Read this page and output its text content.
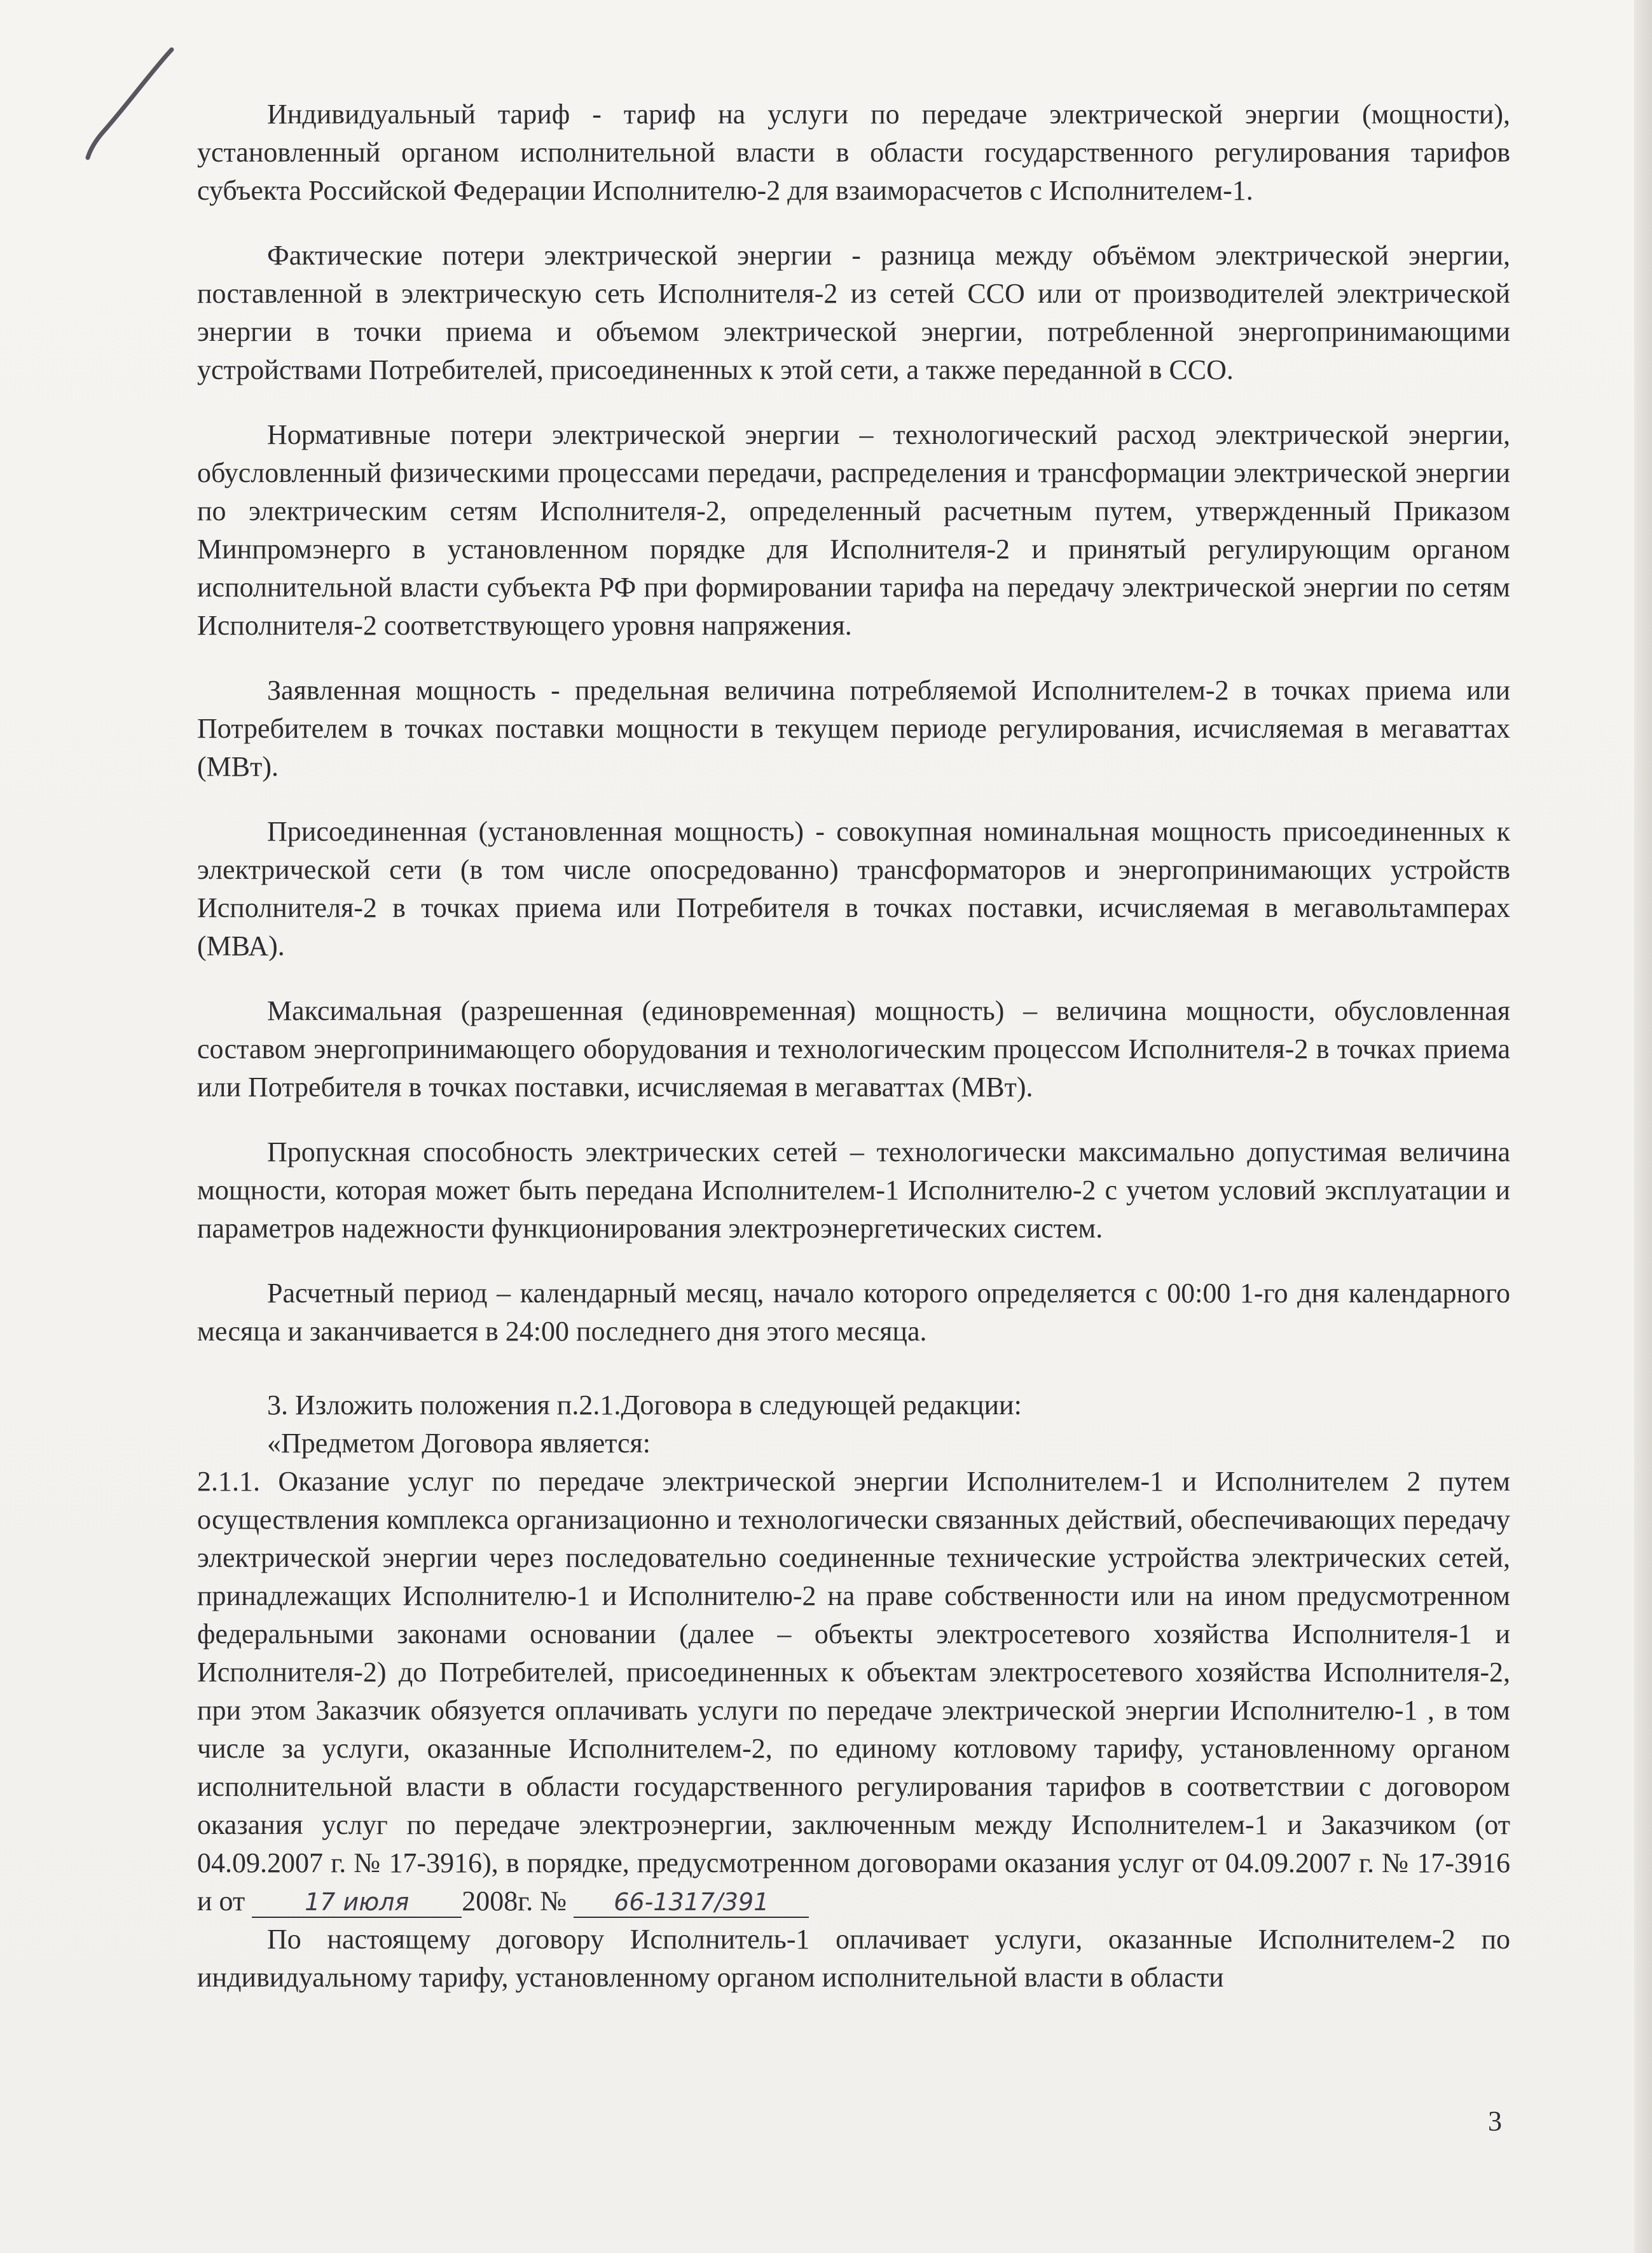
Индивидуальный тариф - тариф на услуги по передаче электрической энергии (мощности), установленный органом исполнительной власти в области государственного регулирования тарифов субъекта Российской Федерации Исполнителю-2 для взаиморасчетов с Исполнителем-1.

Фактические потери электрической энергии - разница между объёмом электрической энергии, поставленной в электрическую сеть Исполнителя-2 из сетей ССО или от производителей электрической энергии в точки приема и объемом электрической энергии, потребленной энергопринимающими устройствами Потребителей, присоединенных к этой сети, а также переданной в ССО.

Нормативные потери электрической энергии – технологический расход электрической энергии, обусловленный физическими процессами передачи, распределения и трансформации электрической энергии по электрическим сетям Исполнителя-2, определенный расчетным путем, утвержденный Приказом Минпромэнерго в установленном порядке для Исполнителя-2 и принятый регулирующим органом исполнительной власти субъекта РФ при формировании тарифа на передачу электрической энергии по сетям Исполнителя-2 соответствующего уровня напряжения.

Заявленная мощность - предельная величина потребляемой Исполнителем-2 в точках приема или Потребителем в точках поставки мощности в текущем периоде регулирования, исчисляемая в мегаваттах (МВт).

Присоединенная (установленная мощность) - совокупная номинальная мощность присоединенных к электрической сети (в том числе опосредованно) трансформаторов и энергопринимающих устройств Исполнителя-2 в точках приема или Потребителя в точках поставки, исчисляемая в мегавольтамперах (МВА).

Максимальная (разрешенная (единовременная) мощность) – величина мощности, обусловленная составом энергопринимающего оборудования и технологическим процессом Исполнителя-2 в точках приема или Потребителя в точках поставки, исчисляемая в мегаваттах (МВт).

Пропускная способность электрических сетей – технологически максимально допустимая величина мощности, которая может быть передана Исполнителем-1 Исполнителю-2 с учетом условий эксплуатации и параметров надежности функционирования электроэнергетических систем.

Расчетный период – календарный месяц, начало которого определяется с 00:00 1-го дня календарного месяца и заканчивается в 24:00 последнего дня этого месяца.

3. Изложить положения п.2.1.Договора в следующей редакции:

«Предметом Договора является:

2.1.1. Оказание услуг по передаче электрической энергии Исполнителем-1 и Исполнителем 2 путем осуществления комплекса организационно и технологически связанных действий, обеспечивающих передачу электрической энергии через последовательно соединенные технические устройства электрических сетей, принадлежащих Исполнителю-1 и Исполнителю-2 на праве собственности или на ином предусмотренном федеральными законами основании (далее – объекты электросетевого хозяйства Исполнителя-1 и Исполнителя-2) до Потребителей, присоединенных к объектам электросетевого хозяйства Исполнителя-2, при этом Заказчик обязуется оплачивать услуги по передаче электрической энергии Исполнителю-1 , в том числе за услуги, оказанные Исполнителем-2, по единому котловому тарифу, установленному органом исполнительной власти в области государственного регулирования тарифов в соответствии с договором оказания услуг по передаче электроэнергии, заключенным между Исполнителем-1 и Заказчиком (от 04.09.2007 г. № 17-3916), в порядке, предусмотренном договорами оказания услуг от 04.09.2007 г. № 17-3916 и от 17 июля 2008г. № 66-1317/391

По настоящему договору Исполнитель-1 оплачивает услуги, оказанные Исполнителем-2 по индивидуальному тарифу, установленному органом исполнительной власти в области

3
